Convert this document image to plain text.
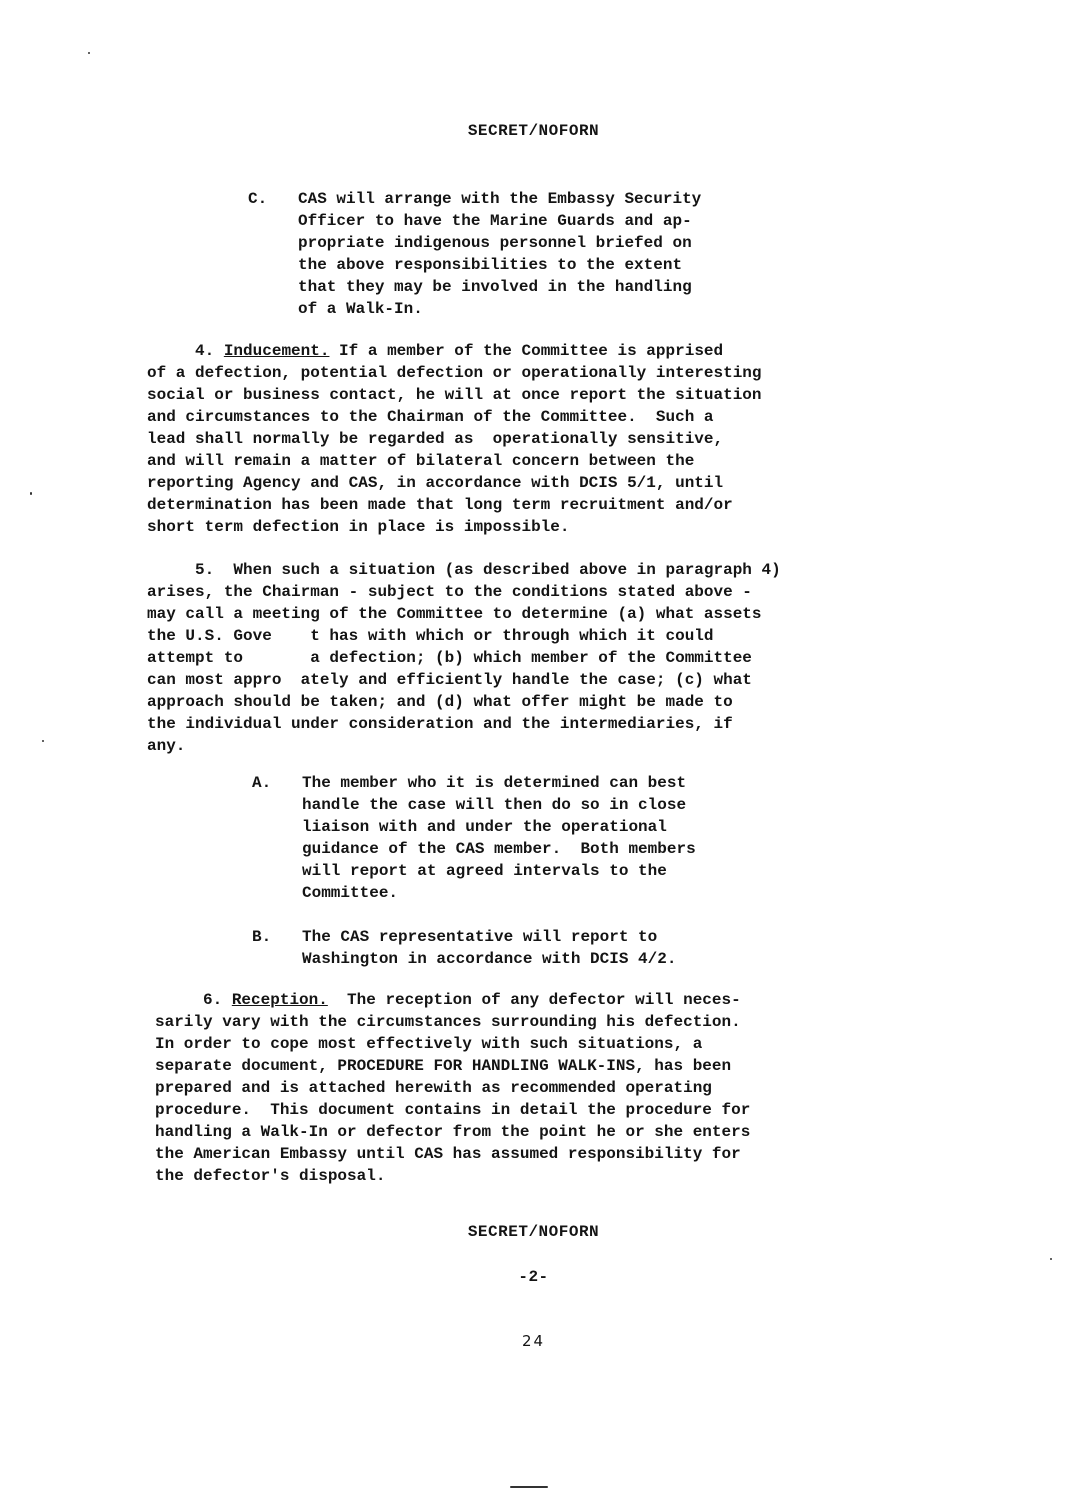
SECRET/NOFORN
C. CAS will arrange with the Embassy Security
Officer to have the Marine Guards and ap-
propriate indigenous personnel briefed on
the above responsibilities to the extent
that they may be involved in the handling
of a Walk-In.
4. Inducement. If a member of the Committee is apprised
of a defection, potential defection or operationally interesting
social or business contact, he will at once report the situation
and circumstances to the Chairman of the Committee.  Such a
lead shall normally be regarded as  operationally sensitive,
and will remain a matter of bilateral concern between the
reporting Agency and CAS, in accordance with DCIS 5/1, until
determination has been made that long term recruitment and/or
short term defection in place is impossible.
5.  When such a situation (as described above in paragraph 4)
arises, the Chairman - subject to the conditions stated above -
may call a meeting of the Committee to determine (a) what assets
the U.S. Gove    t has with which or through which it could
attempt to       a defection; (b) which member of the Committee
can most appro  ately and efficiently handle the case; (c) what
approach should be taken; and (d) what offer might be made to
the individual under consideration and the intermediaries, if
any.
A. The member who it is determined can best
handle the case will then do so in close
liaison with and under the operational
guidance of the CAS member.  Both members
will report at agreed intervals to the
Committee.
B. The CAS representative will report to
Washington in accordance with DCIS 4/2.
6. Reception.  The reception of any defector will neces-
sarily vary with the circumstances surrounding his defection.
In order to cope most effectively with such situations, a
separate document, PROCEDURE FOR HANDLING WALK-INS, has been
prepared and is attached herewith as recommended operating
procedure.  This document contains in detail the procedure for
handling a Walk-In or defector from the point he or she enters
the American Embassy until CAS has assumed responsibility for
the defector's disposal.
SECRET/NOFORN
-2-
24
